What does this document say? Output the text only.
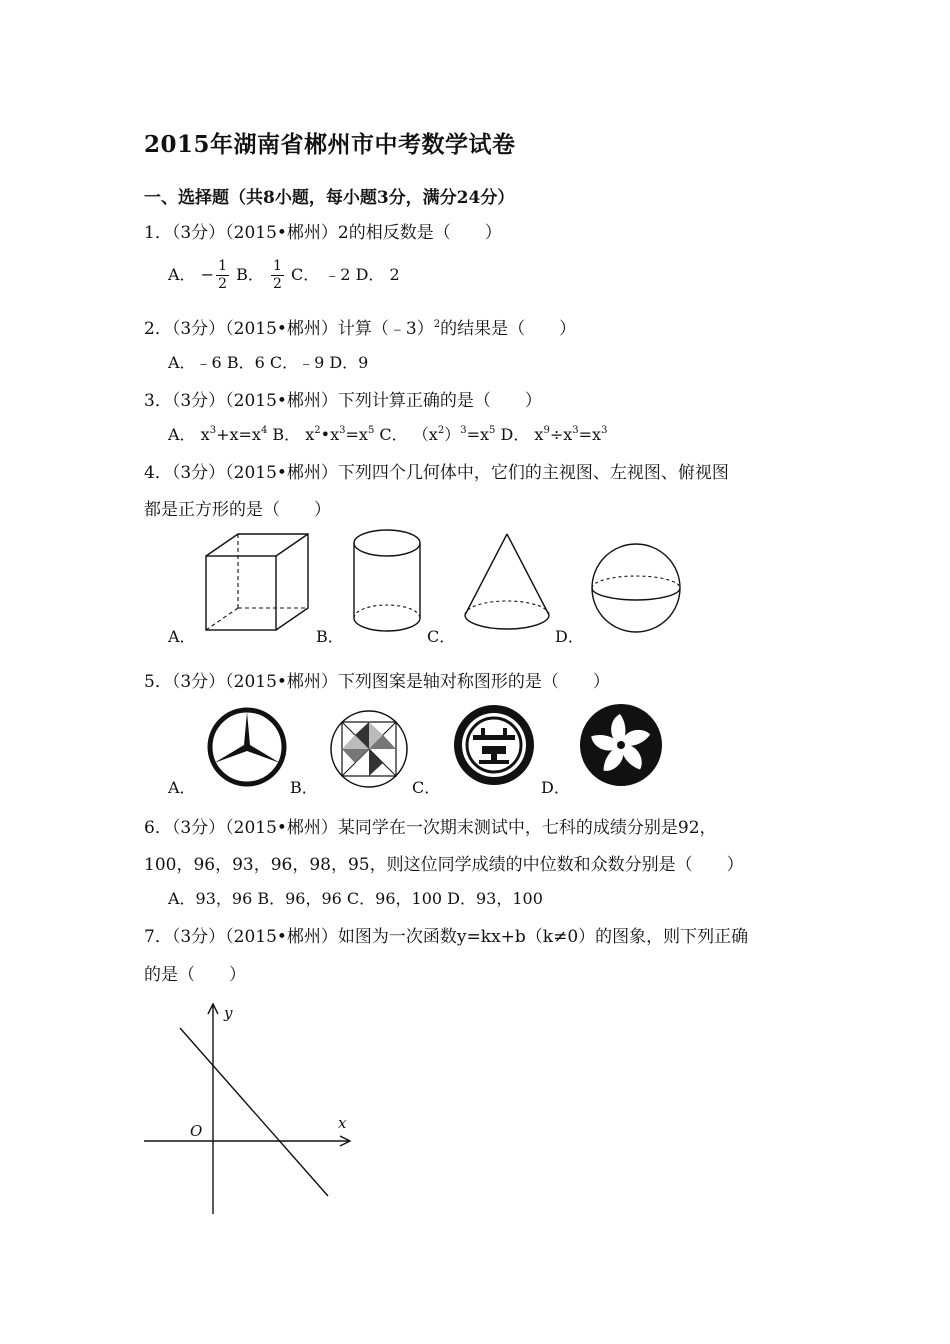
2015年湖南省郴州市中考数学试卷
一、选择题（共8小题，每小题3分，满分24分）
1．（3分）（2015•郴州）2的相反数是（　　）
A． − $\frac{1}{2}$ B． $\frac{1}{2}$ C． ﹣2 D． 2
2．（3分）（2015•郴州）计算（﹣3）$^2$的结果是（　　）
A．﹣6 B．6 C．﹣9 D．9
3．（3分）（2015•郴州）下列计算正确的是（　　）
A． $x^3+x=x^4$ B． $x^2•x^3=x^5$ C． $(x^2)^3=x^5$ D． $x^9\div x^3=x^3$
4．（3分）（2015•郴州）下列四个几何体中，它们的主视图、左视图、俯视图
都是正方形的是（　　）
A．	B．	C．	D．
5．（3分）（2015•郴州）下列图案是轴对称图形的是（　　）
A．	B．	C．	D．
6．（3分）（2015•郴州）某同学在一次期末测试中，七科的成绩分别是92，
100，96，93，96，98，95，则这位同学成绩的中位数和众数分别是（　　）
A．93，96 B．96，96 C．96，100 D．93，100
7．（3分）（2015•郴州）如图为一次函数y=kx+b（k≠0）的图象，则下列正确
的是（　　）
y
x
O
